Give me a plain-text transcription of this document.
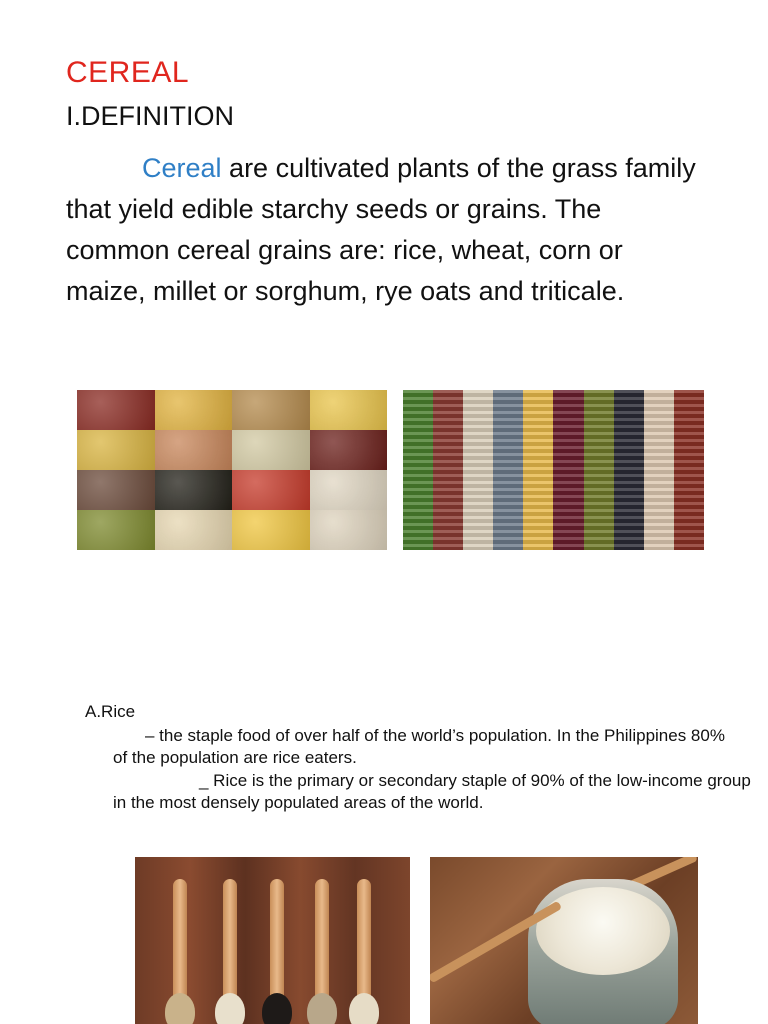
CEREAL
I.DEFINITION
Cereal are cultivated plants of the grass family that yield edible starchy seeds or grains. The common cereal grains are: rice, wheat, corn or maize, millet or sorghum, rye oats and triticale.
A.Rice
– the staple food of over half of the world’s population. In the Philippines 80% of the population are rice eaters.
_ Rice is the primary or secondary staple of 90% of the low-income group in the most densely populated areas of the world.
